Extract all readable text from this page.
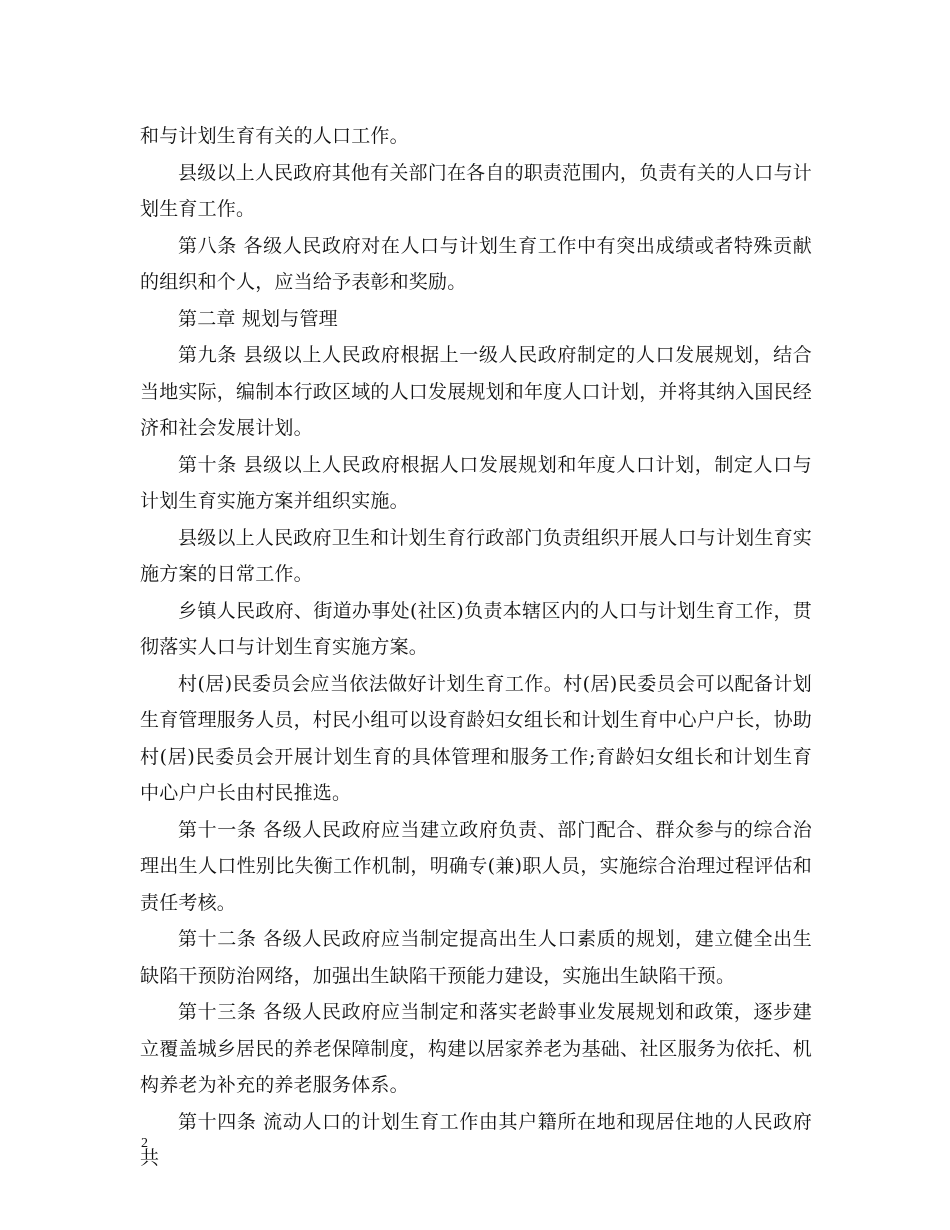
和与计划生育有关的人口工作。

县级以上人民政府其他有关部门在各自的职责范围内，负责有关的人口与计划生育工作。

第八条 各级人民政府对在人口与计划生育工作中有突出成绩或者特殊贡献的组织和个人，应当给予表彰和奖励。

第二章 规划与管理

第九条 县级以上人民政府根据上一级人民政府制定的人口发展规划，结合当地实际，编制本行政区域的人口发展规划和年度人口计划，并将其纳入国民经济和社会发展计划。

第十条 县级以上人民政府根据人口发展规划和年度人口计划，制定人口与计划生育实施方案并组织实施。

县级以上人民政府卫生和计划生育行政部门负责组织开展人口与计划生育实施方案的日常工作。

乡镇人民政府、街道办事处(社区)负责本辖区内的人口与计划生育工作，贯彻落实人口与计划生育实施方案。

村(居)民委员会应当依法做好计划生育工作。村(居)民委员会可以配备计划生育管理服务人员，村民小组可以设育龄妇女组长和计划生育中心户户长，协助村(居)民委员会开展计划生育的具体管理和服务工作;育龄妇女组长和计划生育中心户户长由村民推选。

第十一条 各级人民政府应当建立政府负责、部门配合、群众参与的综合治理出生人口性别比失衡工作机制，明确专(兼)职人员，实施综合治理过程评估和责任考核。

第十二条 各级人民政府应当制定提高出生人口素质的规划，建立健全出生缺陷干预防治网络，加强出生缺陷干预能力建设，实施出生缺陷干预。

第十三条 各级人民政府应当制定和落实老龄事业发展规划和政策，逐步建立覆盖城乡居民的养老保障制度，构建以居家养老为基础、社区服务为依托、机构养老为补充的养老服务体系。

第十四条 流动人口的计划生育工作由其户籍所在地和现居住地的人民政府共

2
